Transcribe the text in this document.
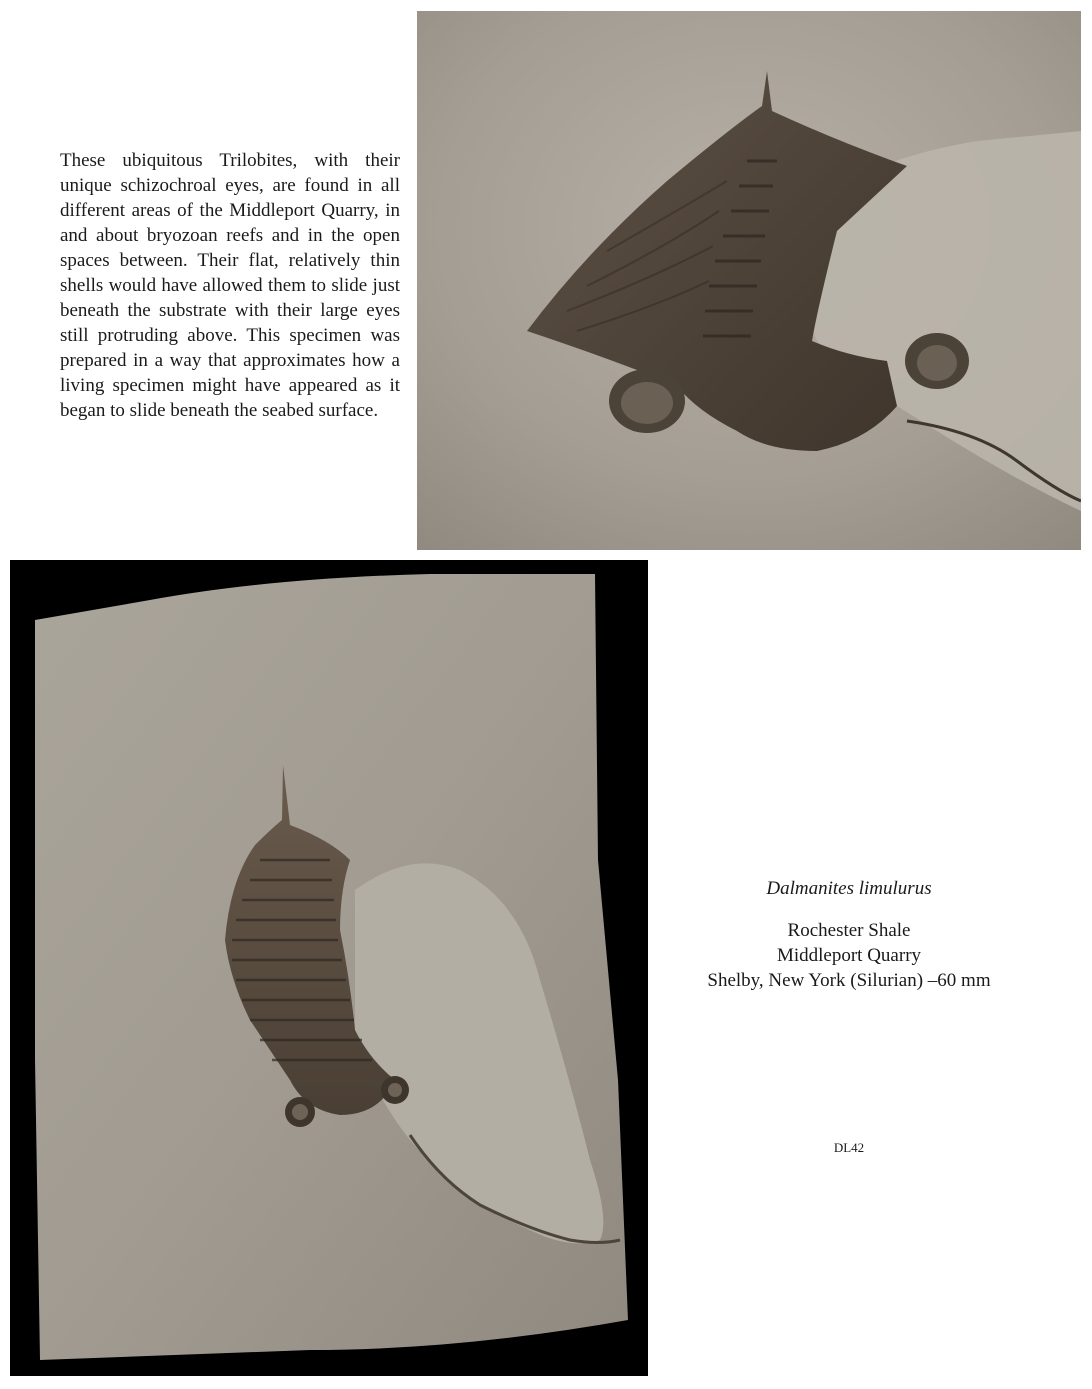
These ubiquitous Trilobites, with their unique schizochroal eyes, are found in all different areas of the Middleport Quarry, in and about bryozoan reefs and in the open spaces between. Their flat, relatively thin shells would have allowed them to slide just beneath the substrate with their large eyes still protruding above. This specimen was prepared in a way that approximates how a living specimen might have appeared as it began to slide beneath the seabed surface.

Dalmanites limulurus

Rochester Shale
Middleport Quarry
Shelby, New York (Silurian) –60 mm

DL42
